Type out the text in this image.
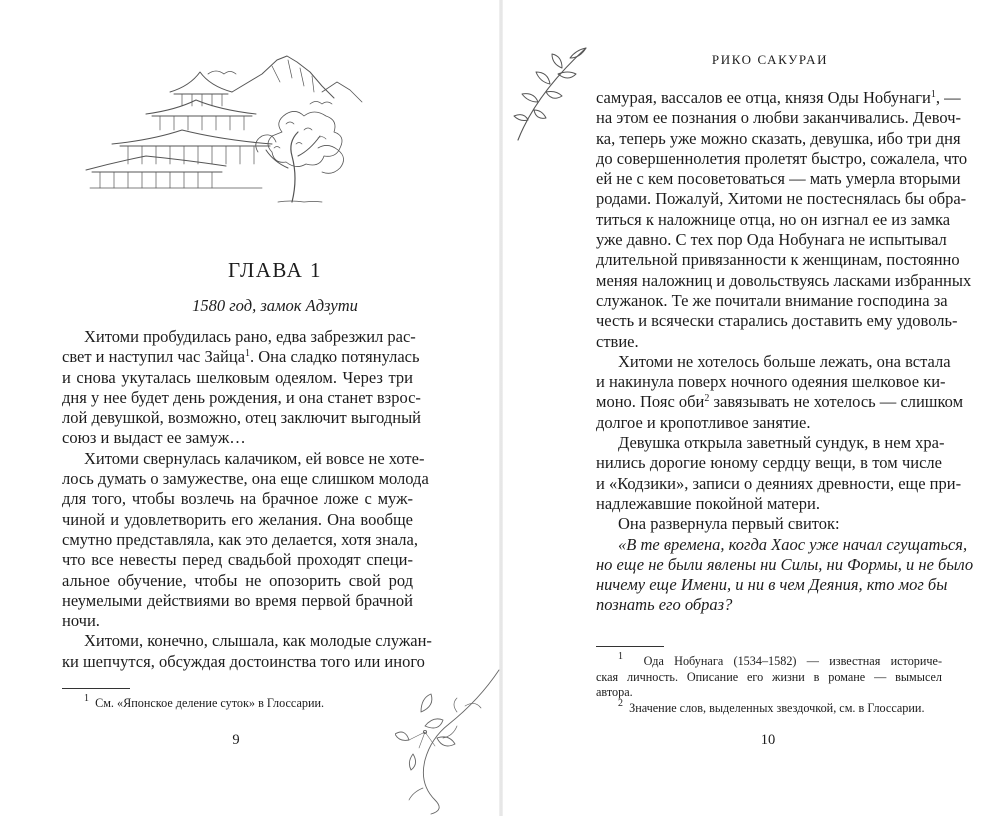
ГЛАВА 1

1580 год, замок Адзути

Хитоми пробудилась рано, едва забрезжил рас-
свет и наступил час Зайца$^1$. Она сладко потянулась
и снова укуталась шелковым одеялом. Через три
дня у нее будет день рождения, и она станет взрос-
лой девушкой, возможно, отец заключит выгодный
союз и выдаст ее замуж…
Хитоми свернулась калачиком, ей вовсе не хоте-
лось думать о замужестве, она еще слишком молода
для того, чтобы возлечь на брачное ложе с муж-
чиной и удовлетворить его желания. Она вообще
смутно представляла, как это делается, хотя знала,
что все невесты перед свадьбой проходят специ-
альное обучение, чтобы не опозорить свой род
неумелыми действиями во время первой брачной
ночи.
Хитоми, конечно, слышала, как молодые служан-
ки шепчутся, обсуждая достоинства того или иного
$^1$ См. «Японское деление суток» в Глоссарии.
9
РИКО САКУРАИ
самурая, вассалов ее отца, князя Оды Нобунаги$^1$, —
на этом ее познания о любви заканчивались. Девоч-
ка, теперь уже можно сказать, девушка, ибо три дня
до совершеннолетия пролетят быстро, сожалела, что
ей не с кем посоветоваться — мать умерла вторыми
родами. Пожалуй, Хитоми не постеснялась бы обра-
титься к наложнице отца, но он изгнал ее из замка
уже давно. С тех пор Ода Нобунага не испытывал
длительной привязанности к женщинам, постоянно
меняя наложниц и довольствуясь ласками избранных
служанок. Те же почитали внимание господина за
честь и всячески старались доставить ему удоволь-
ствие.
Хитоми не хотелось больше лежать, она встала
и накинула поверх ночного одеяния шелковое ки-
моно. Пояс оби$^2$ завязывать не хотелось — слишком
долгое и кропотливое занятие.
Девушка открыла заветный сундук, в нем хра-
нились дорогие юному сердцу вещи, в том числе
и «Кодзики», записи о деяниях древности, еще при-
надлежавшие покойной матери.
Она развернула первый свиток:
«В те времена, когда Хаос уже начал сгущаться,
но еще не были явлены ни Силы, ни Формы, и не было
ничему еще Имени, и ни в чем Деяния, кто мог бы
познать его образ?
$^1$ Ода Нобунага (1534–1582) — известная историче-
ская личность. Описание его жизни в романе — вымысел
автора.
$^2$ Значение слов, выделенных звездочкой, см. в Глоссарии.
10
